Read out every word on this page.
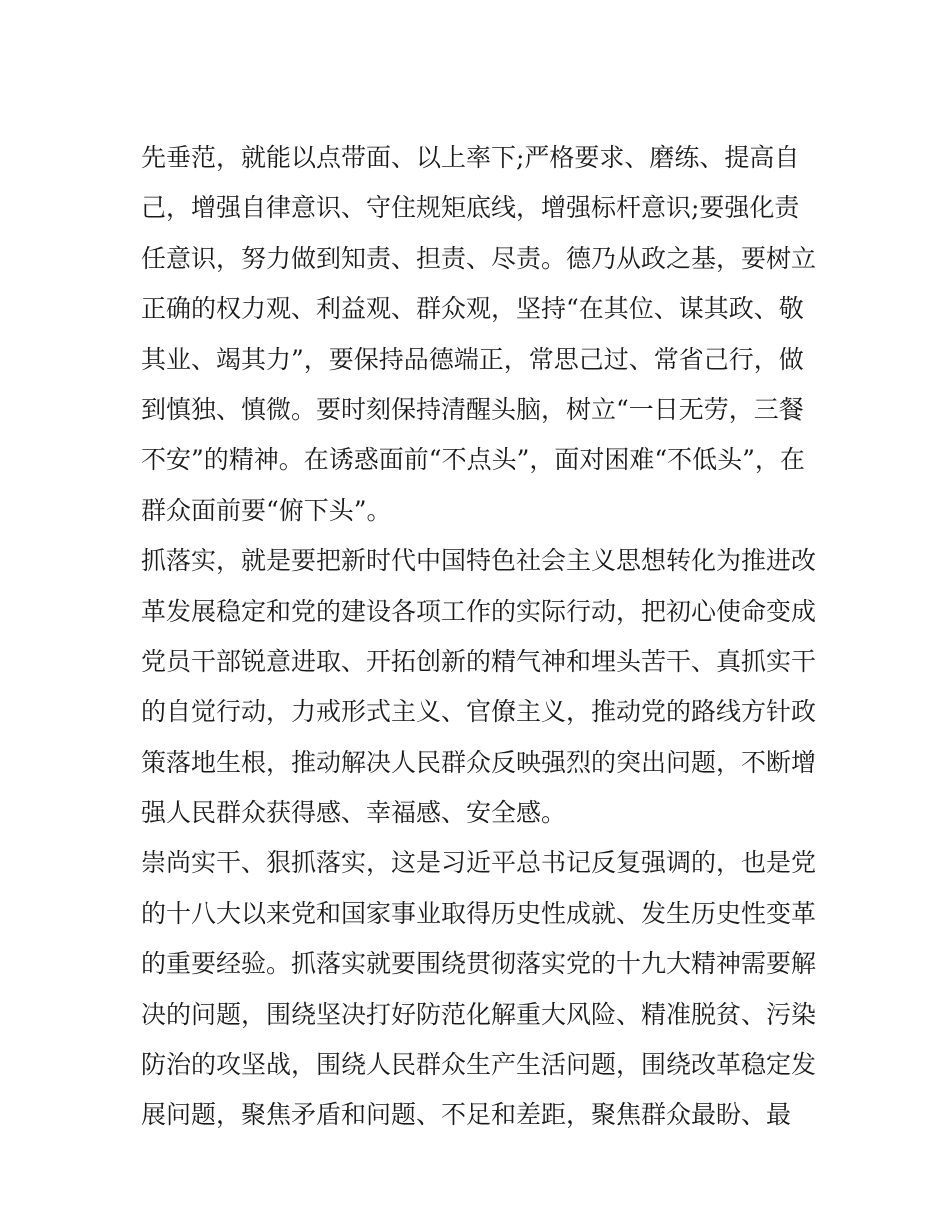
先垂范，就能以点带面、以上率下;严格要求、磨练、提高自
己，增强自律意识、守住规矩底线，增强标杆意识;要强化责
任意识，努力做到知责、担责、尽责。德乃从政之基，要树立
正确的权力观、利益观、群众观，坚持“在其位、谋其政、敬
其业、竭其力”，要保持品德端正，常思己过、常省己行，做
到慎独、慎微。要时刻保持清醒头脑，树立“一日无劳，三餐
不安”的精神。在诱惑面前“不点头”，面对困难“不低头”，在
群众面前要“俯下头”。
抓落实，就是要把新时代中国特色社会主义思想转化为推进改
革发展稳定和党的建设各项工作的实际行动，把初心使命变成
党员干部锐意进取、开拓创新的精气神和埋头苦干、真抓实干
的自觉行动，力戒形式主义、官僚主义，推动党的路线方针政
策落地生根，推动解决人民群众反映强烈的突出问题，不断增
强人民群众获得感、幸福感、安全感。
崇尚实干、狠抓落实，这是习近平总书记反复强调的，也是党
的十八大以来党和国家事业取得历史性成就、发生历史性变革
的重要经验。抓落实就要围绕贯彻落实党的十九大精神需要解
决的问题，围绕坚决打好防范化解重大风险、精准脱贫、污染
防治的攻坚战，围绕人民群众生产生活问题，围绕改革稳定发
展问题，聚焦矛盾和问题、不足和差距，聚焦群众最盼、最
